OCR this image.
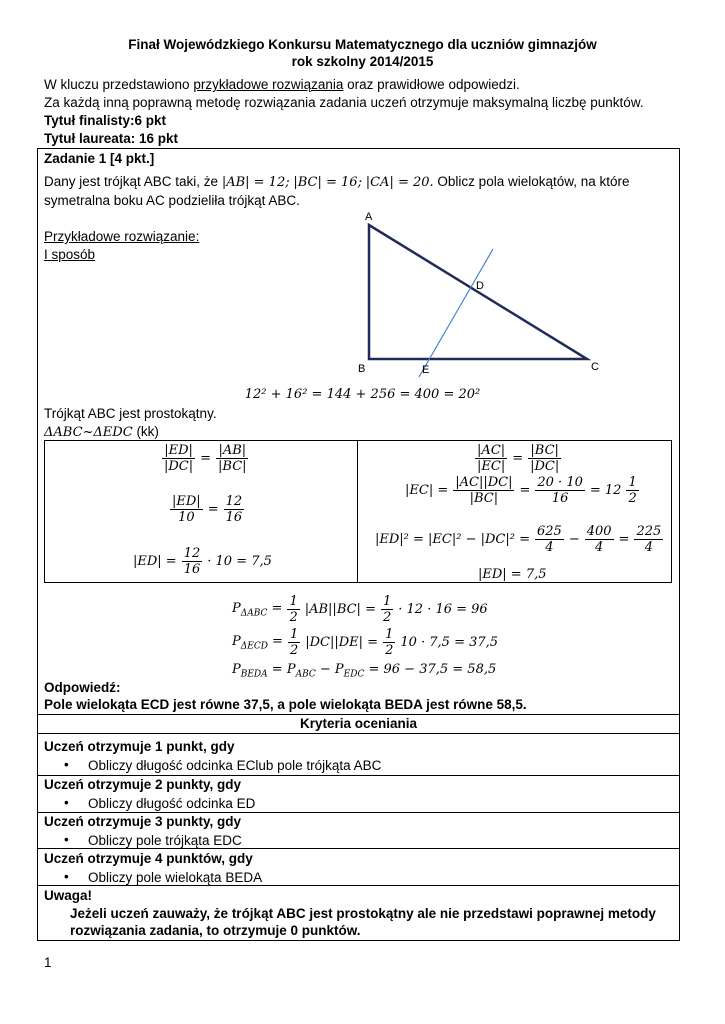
Finał Wojewódzkiego Konkursu Matematycznego dla uczniów gimnazjów
rok szkolny 2014/2015
W kluczu przedstawiono przykładowe rozwiązania oraz prawidłowe odpowiedzi.
Za każdą inną poprawną metodę rozwiązania zadania uczeń otrzymuje maksymalną liczbę punktów.
Tytuł finalisty:6 pkt
Tytuł laureata: 16 pkt
Zadanie 1 [4 pkt.]
Dany jest trójkąt ABC taki, że |AB| = 12; |BC| = 16; |CA| = 20. Oblicz pola wielokątów, na które
symetralna boku AC podzieliła trójkąt ABC.
Przykładowe rozwiązanie:
I sposób
A
B	C
D
E
12² + 16² = 144 + 256 = 400 = 20²
Trójkąt ABC jest prostokątny.
ΔABC~ΔEDC (kk)
$\frac{|ED|}{|DC|} = \frac{|AB|}{|BC|}$
$\frac{|ED|}{10} = \frac{12}{16}$
$|ED| = \frac{12}{16} \cdot 10 = 7,5$
$\frac{|AC|}{|EC|} = \frac{|BC|}{|DC|}$
$|EC| = \frac{|AC||DC|}{|BC|} = \frac{20 \cdot 10}{16} = 12 \frac{1}{2}$
$|ED|^2 = |EC|^2 - |DC|^2 = \frac{625}{4} - \frac{400}{4} = \frac{225}{4}$
|ED| = 7,5
$P_{\Delta ABC} = \frac{1}{2} |AB||BC| = \frac{1}{2} \cdot 12 \cdot 16 = 96$
$P_{\Delta ECD} = \frac{1}{2} |DC||DE| = \frac{1}{2} 10 \cdot 7,5 = 37,5$
$P_{BEDA} = P_{ABC} - P_{EDC} = 96 - 37,5 = 58,5$
Odpowiedź:
Pole wielokąta ECD jest równe 37,5, a pole wielokąta BEDA jest równe 58,5.
Kryteria oceniania
Uczeń otrzymuje 1 punkt, gdy
• Obliczy długość odcinka EClub pole trójkąta ABC
Uczeń otrzymuje 2 punkty, gdy
• Obliczy długość odcinka ED
Uczeń otrzymuje 3 punkty, gdy
• Obliczy pole trójkąta EDC
Uczeń otrzymuje 4 punktów, gdy
• Obliczy pole wielokąta BEDA
Uwaga!
Jeżeli uczeń zauważy, że trójkąt ABC jest prostokątny ale nie przedstawi poprawnej metody
rozwiązania zadania, to otrzymuje 0 punktów.
1
